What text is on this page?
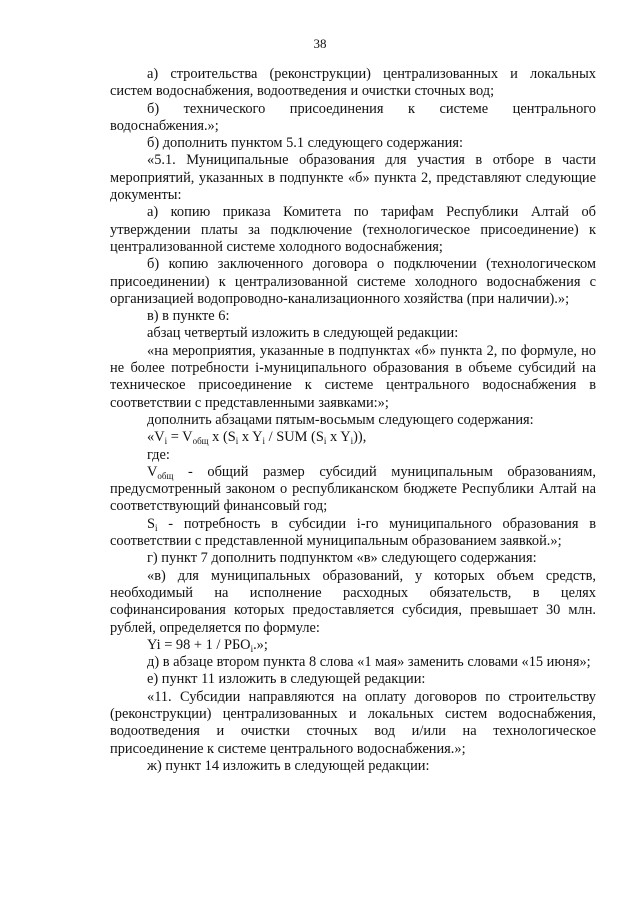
38

а) строительства (реконструкции) централизованных и локальных систем водоснабжения, водоотведения и очистки сточных вод;

б) технического присоединения к системе центрального водоснабжения.»;

б) дополнить пунктом 5.1 следующего содержания:

«5.1. Муниципальные образования для участия в отборе в части мероприятий, указанных в подпункте «б» пункта 2, представляют следующие документы:

а) копию приказа Комитета по тарифам Республики Алтай об утверждении платы за подключение (технологическое присоединение) к централизованной системе холодного водоснабжения;

б) копию заключенного договора о подключении (технологическом присоединении) к централизованной системе холодного водоснабжения с организацией водопроводно-канализационного хозяйства (при наличии).»;

в) в пункте 6:

абзац четвертый изложить в следующей редакции:

«на мероприятия, указанные в подпунктах «б» пункта 2, по формуле, но не более потребности i-муниципального образования в объеме субсидий на техническое присоединение к системе центрального водоснабжения в соответствии с представленными заявками:»;

дополнить абзацами пятым-восьмым следующего содержания:

«$V_i = V_{общ}$ x ($S_i$ x $Y_i$ / SUM ($S_i$ x $Y_i$)),

где:

$V_{общ}$ - общий размер субсидий муниципальным образованиям, предусмотренный законом о республиканском бюджете Республики Алтай на соответствующий финансовый год;

$S_i$ - потребность в субсидии i-го муниципального образования в соответствии с представленной муниципальным образованием заявкой.»;

г) пункт 7 дополнить подпунктом «в» следующего содержания:

«в) для муниципальных образований, у которых объем средств, необходимый на исполнение расходных обязательств, в целях софинансирования которых предоставляется субсидия, превышает 30 млн. рублей, определяется по формуле:

$Yi = 98 + 1 / РБО_i$.»;

д) в абзаце втором пункта 8 слова «1 мая» заменить словами «15 июня»;

е) пункт 11 изложить в следующей редакции:

«11. Субсидии направляются на оплату договоров по строительству (реконструкции) централизованных и локальных систем водоснабжения, водоотведения и очистки сточных вод и/или на технологическое присоединение к системе центрального водоснабжения.»;

ж) пункт 14 изложить в следующей редакции:
